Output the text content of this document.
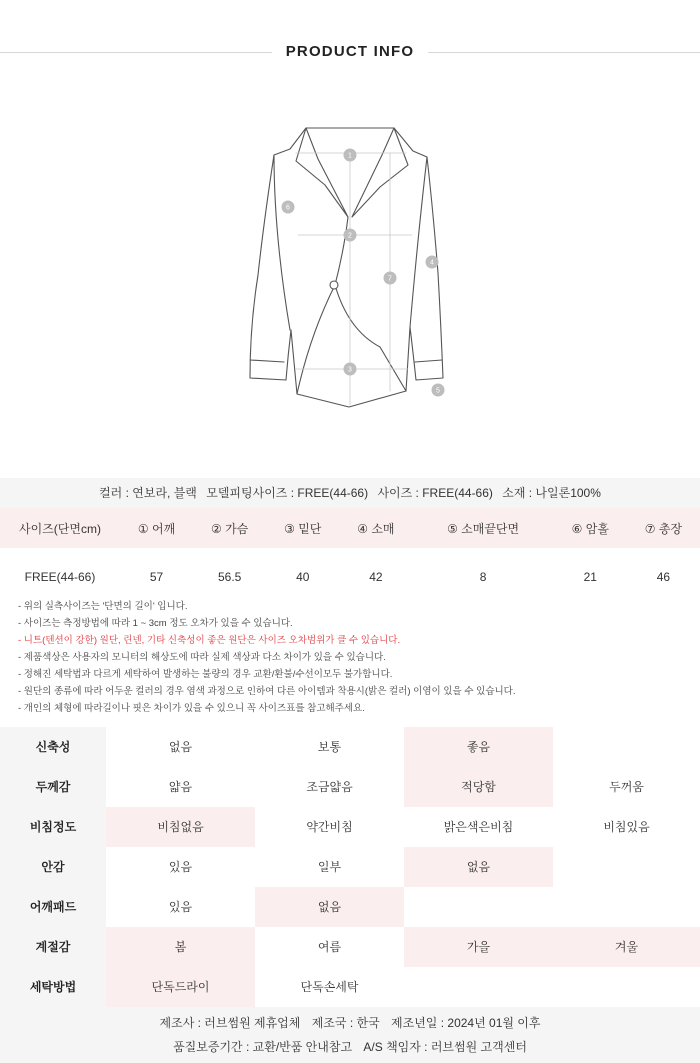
PRODUCT INFO
1
2
3
4
5
6
7
컬러 : 연보라, 블랙 모델피팅사이즈 : FREE(44-66) 사이즈 : FREE(44-66) 소재 : 나일론100%
사이즈(단면cm)	① 어깨	② 가슴	③ 밑단	④ 소매	⑤ 소매끝단면	⑥ 암홀	⑦ 총장
FREE(44-66)	57	56.5	40	42	8	21	46
- 위의 실측사이즈는 '단면의 길이' 입니다.
- 사이즈는 측정방법에 따라 1 ~ 3cm 정도 오차가 있을 수 있습니다.
- 니트(텐션이 강한) 원단, 린넨, 기타 신축성이 좋은 원단은 사이즈 오차범위가 클 수 있습니다.
- 제품색상은 사용자의 모니터의 해상도에 따라 실제 색상과 다소 차이가 있을 수 있습니다.
- 정해진 세탁법과 다르게 세탁하여 발생하는 불량의 경우 교환/환불/수선이모두 불가합니다.
- 원단의 종류에 따라 어두운 컬러의 경우 염색 과정으로 인하여 다른 아이템과 착용시(밝은 컬러) 이염이 있을 수 있습니다.
- 개인의 체형에 따라길이나 핏은 차이가 있을 수 있으니 꼭 사이즈표를 참고해주세요.
신축성	없음	보통	좋음
두께감	얇음	조금얇음	적당함	두꺼움
비침정도	비침없음	약간비침	밝은색은비침	비침있음
안감	있음	일부	없음
어깨패드	있음	없음
계절감	봄	여름	가을	겨울
세탁방법	단독드라이	단독손세탁
제조사 : 러브썸원 제휴업체 제조국 : 한국 제조년일 : 2024년 01월 이후
품질보증기간 : 교환/반품 안내참고 A/S 책임자 : 러브썸원 고객센터
